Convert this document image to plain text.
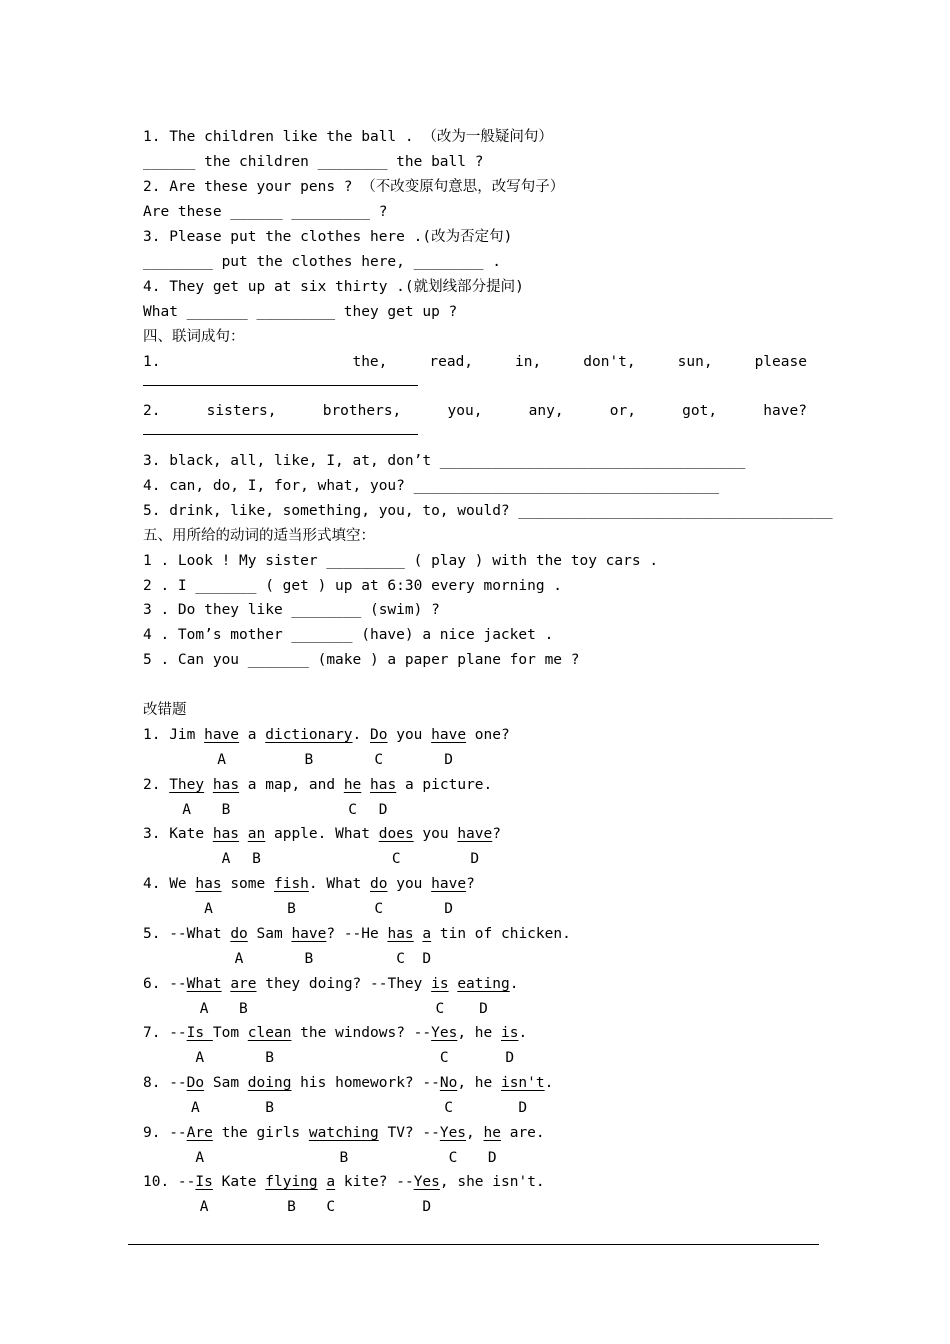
1. The children like the ball . （改为一般疑问句）
______ the children ________ the ball ?
2. Are these your pens ? （不改变原句意思，改写句子）
Are these ______ _________ ?
3. Please put the clothes here .(改为否定句)
________ put the clothes here, ________ .
4. They get up at six thirty .(就划线部分提问)
What _______ _________ they get up ?
四、联词成句：
1.	the,	read,	in,	don't,	sun,	please
2.	sisters,	brothers,	you,	any,	or,	got,	have?
3. black, all, like, I, at, don’t ___________________________________
4. can, do, I, for, what, you? ___________________________________
5. drink, like, something, you, to, would? ____________________________________
五、用所给的动词的适当形式填空：
1 . Look ! My sister _________ ( play ) with the toy cars .
2 . I _______ ( get ) up at 6:30 every morning .
3 . Do they like ________ (swim) ?
4 . Tom’s mother _______ (have) a nice jacket .
5 . Can you _______ (make ) a paper plane for me ?
改错题
1. Jim have a dictionary. Do you have one?
A	B	C	D
2. They has a map, and he has a picture.
A B	C D
3. Kate has an apple. What does you have?
A B	C	D
4. We has some fish. What do you have?
A	B	C	D
5. --What do Sam have? --He has a tin of chicken.
A	B	C D
6. --What are they doing? --They is eating.
A B	C D
7. --Is Tom clean the windows? --Yes, he is.
A	B	C	D
8. --Do Sam doing his homework? --No, he isn't.
A	B	C	D
9. --Are the girls watching TV? --Yes, he are.
A	B	C D
10. --Is Kate flying a kite? --Yes, she isn't.
A	B C	D
